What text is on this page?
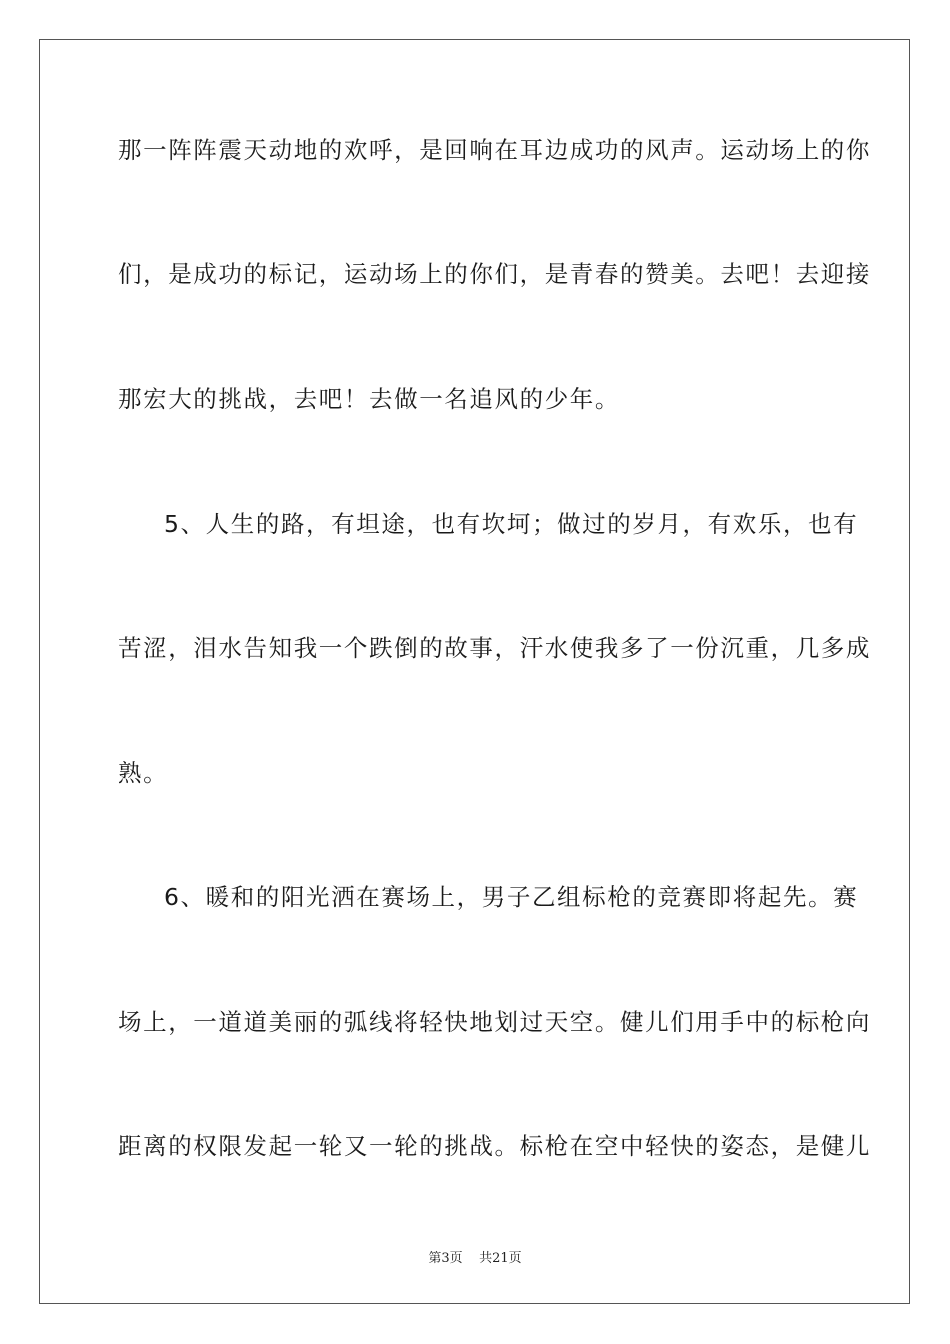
那一阵阵震天动地的欢呼，是回响在耳边成功的风声。运动场上的你
们，是成功的标记，运动场上的你们，是青春的赞美。去吧！去迎接
那宏大的挑战，去吧！去做一名追风的少年。
5、人生的路，有坦途，也有坎坷；做过的岁月，有欢乐，也有
苦涩，泪水告知我一个跌倒的故事，汗水使我多了一份沉重，几多成
熟。
6、暖和的阳光洒在赛场上，男子乙组标枪的竞赛即将起先。赛
场上，一道道美丽的弧线将轻快地划过天空。健儿们用手中的标枪向
距离的权限发起一轮又一轮的挑战。标枪在空中轻快的姿态，是健儿
第3页 共21页
